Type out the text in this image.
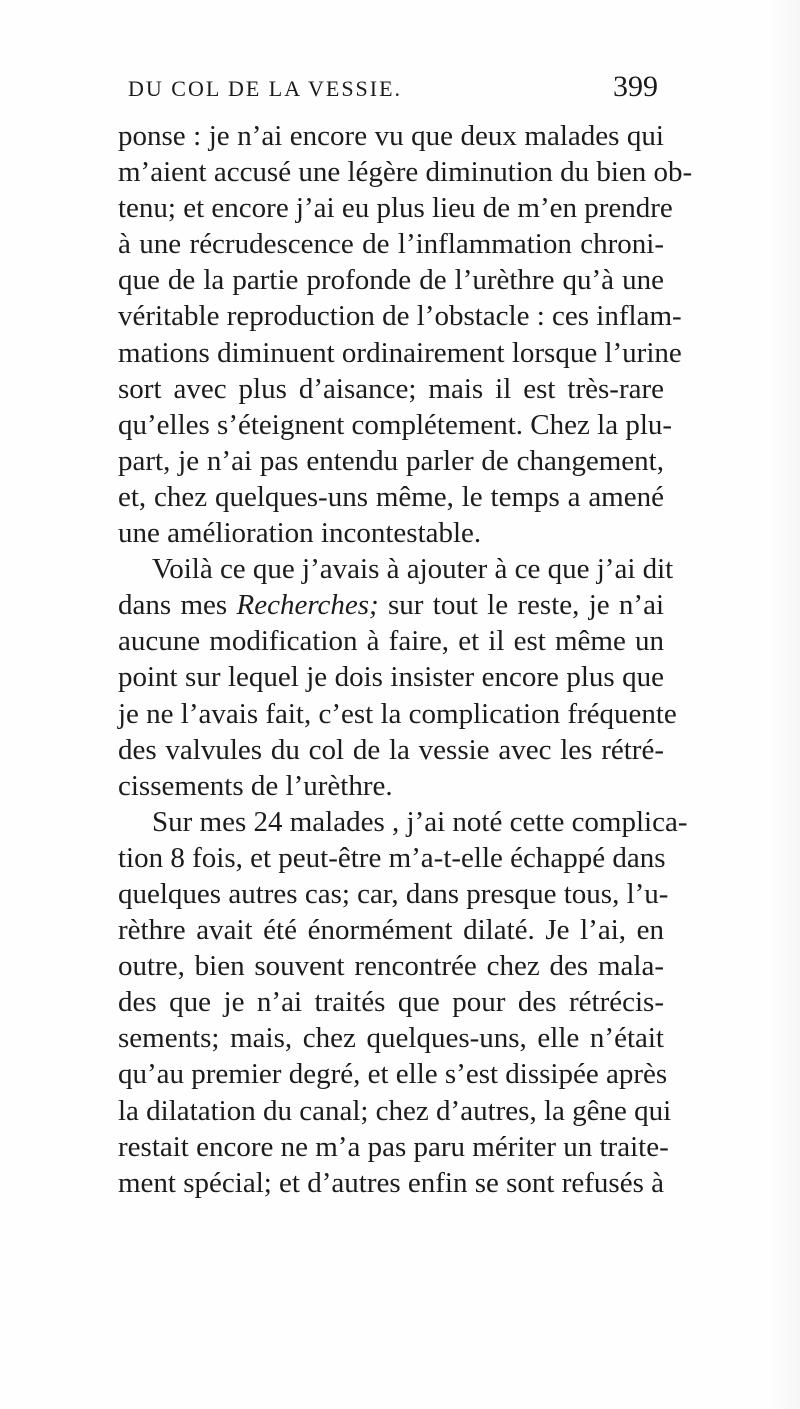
DU COL DE LA VESSIE.	399
ponse : je n’ai encore vu que deux malades qui
m’aient accusé une légère diminution du bien ob-
tenu; et encore j’ai eu plus lieu de m’en prendre
à une récrudescence de l’inflammation chroni-
que de la partie profonde de l’urèthre qu’à une
véritable reproduction de l’obstacle : ces inflam-
mations diminuent ordinairement lorsque l’urine
sort avec plus d’aisance; mais il est très-rare
qu’elles s’éteignent complétement. Chez la plu-
part, je n’ai pas entendu parler de changement,
et, chez quelques-uns même, le temps a amené
une amélioration incontestable.
Voilà ce que j’avais à ajouter à ce que j’ai dit
dans mes Recherches; sur tout le reste, je n’ai
aucune modification à faire, et il est même un
point sur lequel je dois insister encore plus que
je ne l’avais fait, c’est la complication fréquente
des valvules du col de la vessie avec les rétré-
cissements de l’urèthre.
Sur mes 24 malades , j’ai noté cette complica-
tion 8 fois, et peut-être m’a-t-elle échappé dans
quelques autres cas; car, dans presque tous, l’u-
rèthre avait été énormément dilaté. Je l’ai, en
outre, bien souvent rencontrée chez des mala-
des que je n’ai traités que pour des rétrécis-
sements; mais, chez quelques-uns, elle n’était
qu’au premier degré, et elle s’est dissipée après
la dilatation du canal; chez d’autres, la gêne qui
restait encore ne m’a pas paru mériter un traite-
ment spécial; et d’autres enfin se sont refusés à
